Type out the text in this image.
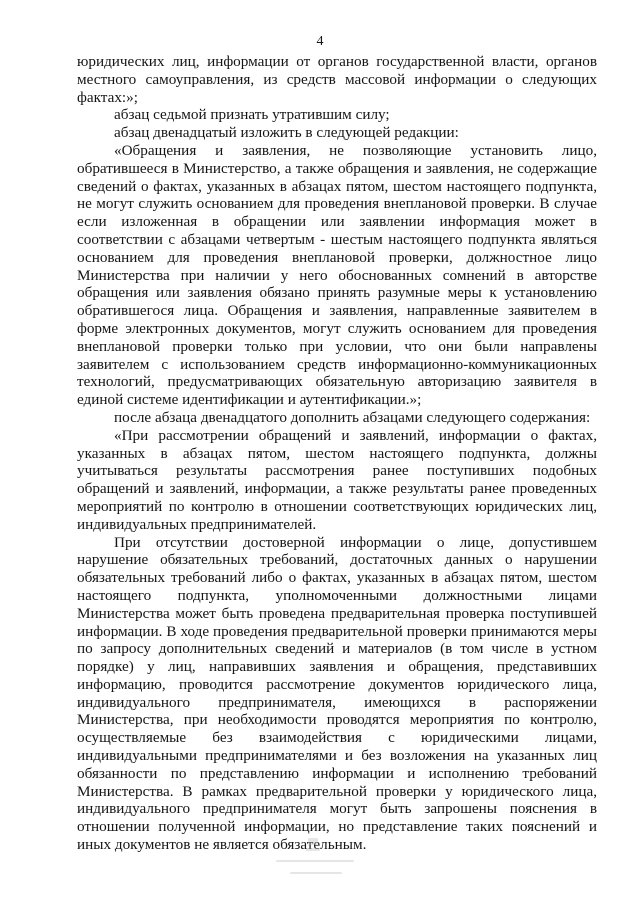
4

юридических лиц, информации от органов государственной власти, органов местного самоуправления, из средств массовой информации о следующих фактах:»;

абзац седьмой признать утратившим силу;

абзац двенадцатый изложить в следующей редакции:

«Обращения и заявления, не позволяющие установить лицо, обратившееся в Министерство, а также обращения и заявления, не содержащие сведений о фактах, указанных в абзацах пятом, шестом настоящего подпункта, не могут служить основанием для проведения внеплановой проверки. В случае если изложенная в обращении или заявлении информация может в соответствии с абзацами четвертым - шестым настоящего подпункта являться основанием для проведения внеплановой проверки, должностное лицо Министерства при наличии у него обоснованных сомнений в авторстве обращения или заявления обязано принять разумные меры к установлению обратившегося лица. Обращения и заявления, направленные заявителем в форме электронных документов, могут служить основанием для проведения внеплановой проверки только при условии, что они были направлены заявителем с использованием средств информационно-коммуникационных технологий, предусматривающих обязательную авторизацию заявителя в единой системе идентификации и аутентификации.»;

после абзаца двенадцатого дополнить абзацами следующего содержания:

«При рассмотрении обращений и заявлений, информации о фактах, указанных в абзацах пятом, шестом настоящего подпункта, должны учитываться результаты рассмотрения ранее поступивших подобных обращений и заявлений, информации, а также результаты ранее проведенных мероприятий по контролю в отношении соответствующих юридических лиц, индивидуальных предпринимателей.

При отсутствии достоверной информации о лице, допустившем нарушение обязательных требований, достаточных данных о нарушении обязательных требований либо о фактах, указанных в абзацах пятом, шестом настоящего подпункта, уполномоченными должностными лицами Министерства может быть проведена предварительная проверка поступившей информации. В ходе проведения предварительной проверки принимаются меры по запросу дополнительных сведений и материалов (в том числе в устном порядке) у лиц, направивших заявления и обращения, представивших информацию, проводится рассмотрение документов юридического лица, индивидуального предпринимателя, имеющихся в распоряжении Министерства, при необходимости проводятся мероприятия по контролю, осуществляемые без взаимодействия с юридическими лицами, индивидуальными предпринимателями и без возложения на указанных лиц обязанности по представлению информации и исполнению требований Министерства. В рамках предварительной проверки у юридического лица, индивидуального предпринимателя могут быть запрошены пояснения в отношении полученной информации, но представление таких пояснений и иных документов не является обязательным.
